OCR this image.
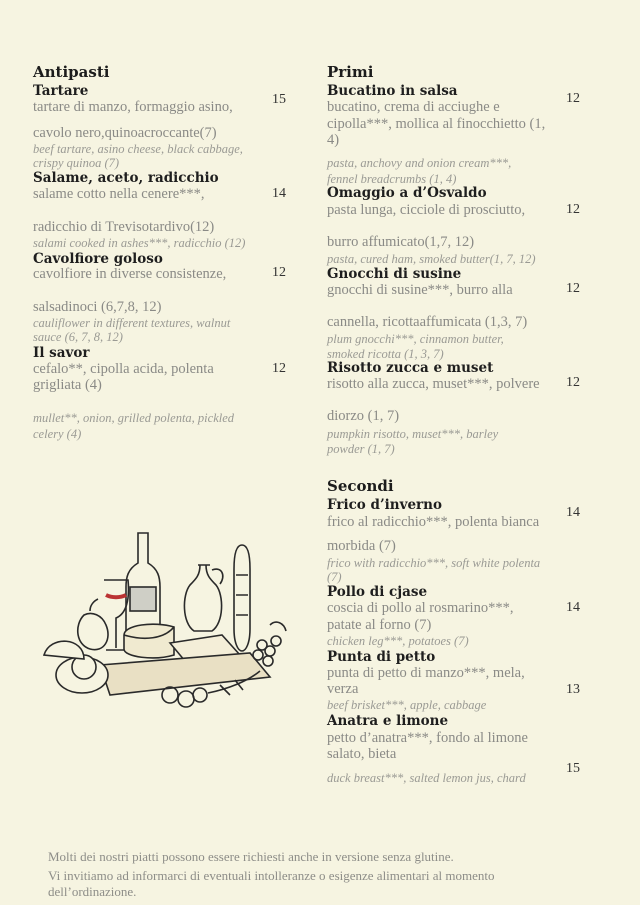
Antipasti
Tartare
tartare di manzo, formaggio asino,	15
cavolo nero,quinoacroccante(7)
beef tartare, asino cheese, black cabbage,
crispy quinoa (7)
Salame, aceto, radicchio
salame cotto nella cenere***,	14
radicchio di Trevisotardivo(12)
salami cooked in ashes***, radicchio (12)
Cavolfiore goloso
cavolfiore in diverse consistenze,	12
salsadinoci (6,7,8, 12)
cauliflower in different textures, walnut
sauce (6, 7, 8, 12)
Il savor
cefalo**, cipolla acida, polenta	12
grigliata (4)
mullet**, onion, grilled polenta, pickled
celery (4)
Primi
Bucatino in salsa	12
bucatino, crema di acciughe e
cipolla***, mollica al finocchietto (1,
4)
pasta, anchovy and onion cream***,
fennel breadcrumbs (1, 4)
Omaggio a d’Osvaldo
pasta lunga, cicciole di prosciutto,	12
burro affumicato(1,7, 12)
pasta, cured ham, smoked butter(1, 7, 12)
Gnocchi di susine
gnocchi di susine***, burro alla	12
cannella, ricottaaffumicata (1,3, 7)
plum gnocchi***, cinnamon butter,
smoked ricotta (1, 3, 7)
Risotto zucca e muset
risotto alla zucca, muset***, polvere 12
diorzo (1, 7)
pumpkin risotto, muset***, barley
powder (1, 7)
Secondi
Frico d’inverno	14
frico al radicchio***, polenta bianca
morbida (7)
frico with radicchio***, soft white polenta
(7)
Pollo di cjase
coscia di pollo al rosmarino***,	14
patate al forno (7)
chicken leg***, potatoes (7)
Punta di petto
punta di petto di manzo***, mela,
verza	13
beef brisket***, apple, cabbage
Anatra e limone
petto d’anatra***, fondo al limone
salato, bieta
15
duck breast***, salted lemon jus, chard
Molti dei nostri piatti possono essere richiesti anche in versione senza glutine.
Vi invitiamo ad informarci di eventuali intolleranze o esigenze alimentari al momento
dell’ordinazione.
